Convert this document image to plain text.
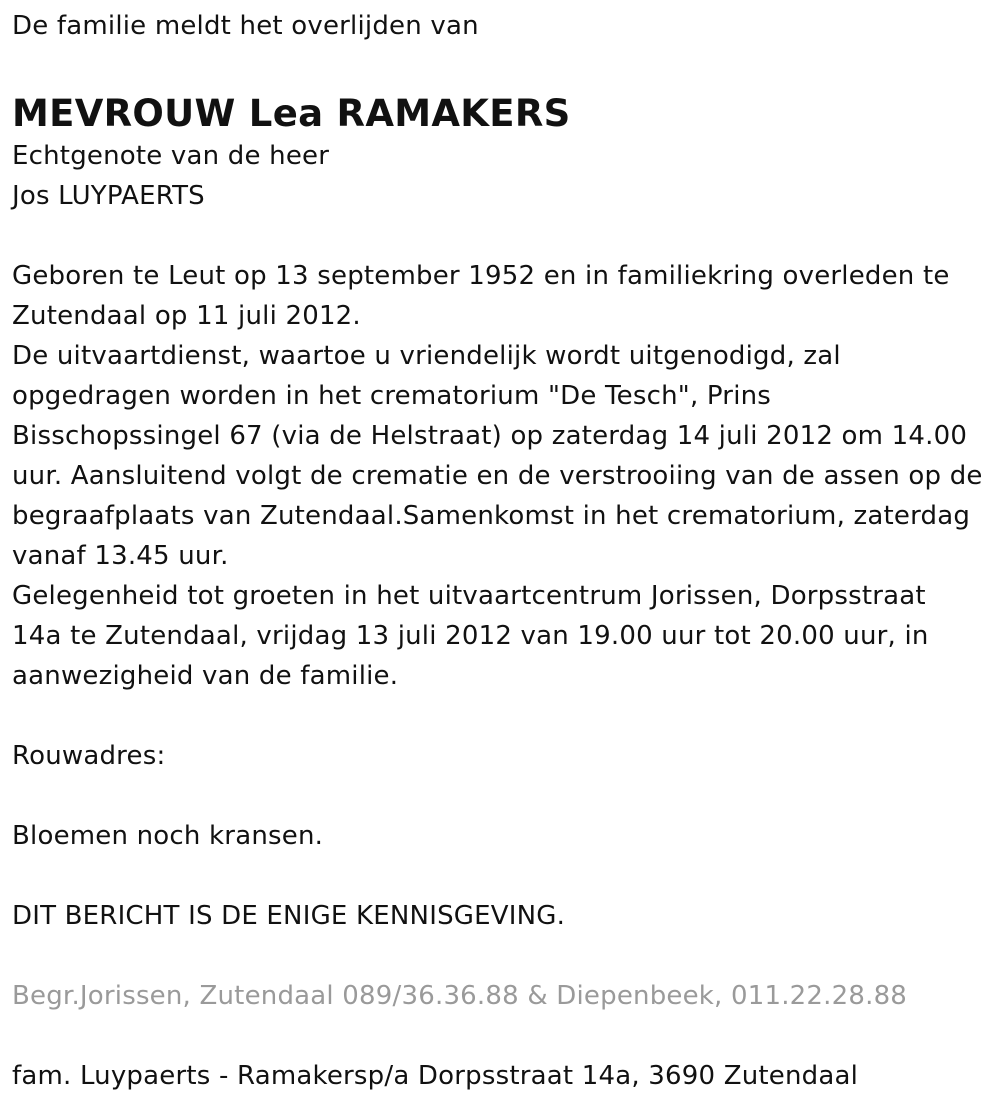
De familie meldt het overlijden van
MEVROUW Lea RAMAKERS
Echtgenote van de heer
Jos LUYPAERTS
Geboren te Leut op 13 september 1952 en in familiekring overleden te
Zutendaal op 11 juli 2012.
De uitvaartdienst, waartoe u vriendelijk wordt uitgenodigd, zal
opgedragen worden in het crematorium "De Tesch", Prins
Bisschopssingel 67 (via de Helstraat) op zaterdag 14 juli 2012 om 14.00
uur. Aansluitend volgt de crematie en de verstrooiing van de assen op de
begraafplaats van Zutendaal.Samenkomst in het crematorium, zaterdag
vanaf 13.45 uur.
Gelegenheid tot groeten in het uitvaartcentrum Jorissen, Dorpsstraat
14a te Zutendaal, vrijdag 13 juli 2012 van 19.00 uur tot 20.00 uur, in
aanwezigheid van de familie.
Rouwadres:
Bloemen noch kransen.
DIT BERICHT IS DE ENIGE KENNISGEVING.
Begr.Jorissen, Zutendaal 089/36.36.88 & Diepenbeek, 011.22.28.88
fam. Luypaerts - Ramakersp/a Dorpsstraat 14a, 3690 Zutendaal
